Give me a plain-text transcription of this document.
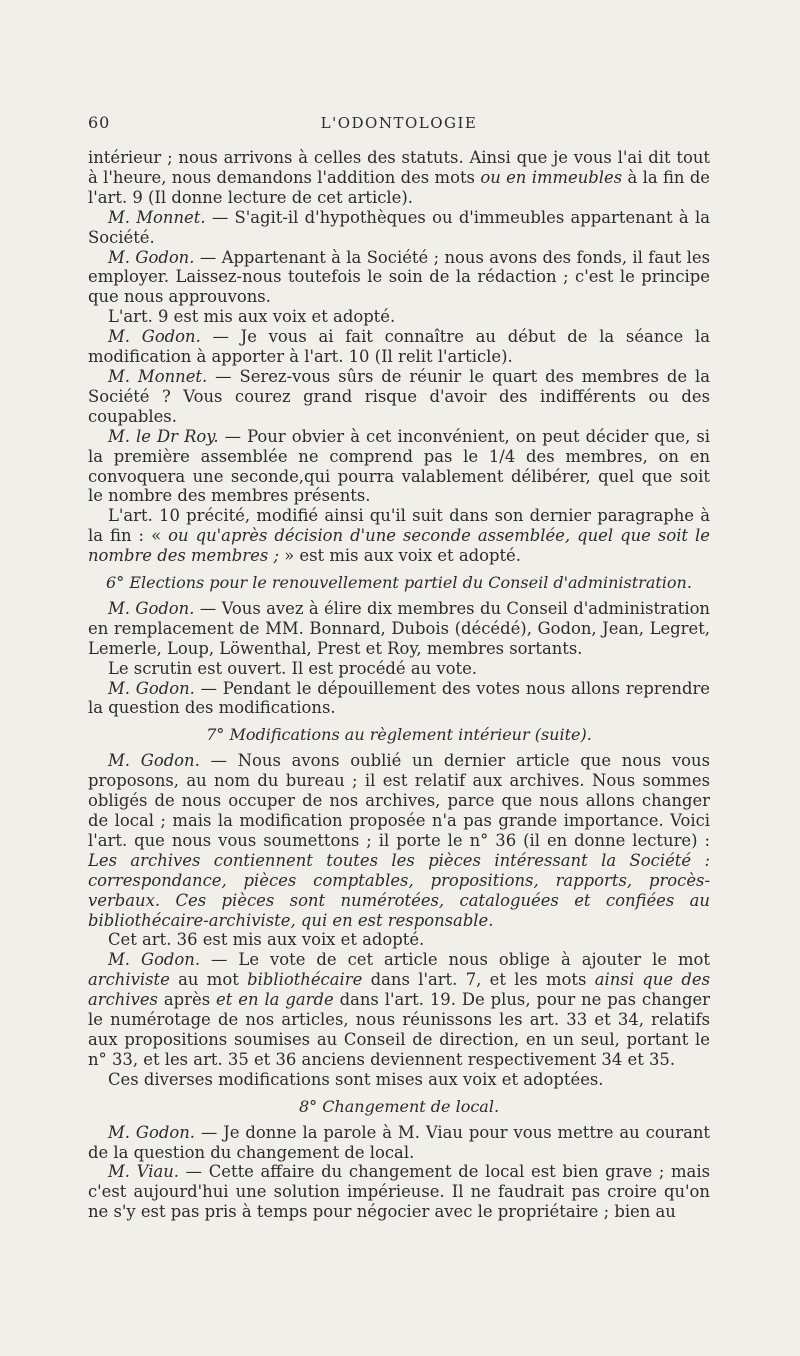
60	L'ODONTOLOGIE

intérieur ; nous arrivons à celles des statuts. Ainsi que je vous l'ai dit tout à l'heure, nous demandons l'addition des mots ou en immeubles à la fin de l'art. 9 (Il donne lecture de cet article).

M. Monnet. — S'agit-il d'hypothèques ou d'immeubles appartenant à la Société.

M. Godon. — Appartenant à la Société ; nous avons des fonds, il faut les employer. Laissez-nous toutefois le soin de la rédaction ; c'est le principe que nous approuvons.

L'art. 9 est mis aux voix et adopté.

M. Godon. — Je vous ai fait connaître au début de la séance la modification à apporter à l'art. 10 (Il relit l'article).

M. Monnet. — Serez-vous sûrs de réunir le quart des membres de la Société ? Vous courez grand risque d'avoir des indifférents ou des coupables.

M. le Dr Roy. — Pour obvier à cet inconvénient, on peut décider que, si la première assemblée ne comprend pas le 1/4 des membres, on en convoquera une seconde,qui pourra valablement délibérer, quel que soit le nombre des membres présents.

L'art. 10 précité, modifié ainsi qu'il suit dans son dernier paragraphe à la fin : « ou qu'après décision d'une seconde assemblée, quel que soit le nombre des membres ; » est mis aux voix et adopté.

6° Elections pour le renouvellement partiel du Conseil d'administration.

M. Godon. — Vous avez à élire dix membres du Conseil d'administration en remplacement de MM. Bonnard, Dubois (décédé), Godon, Jean, Legret, Lemerle, Loup, Löwenthal, Prest et Roy, membres sortants.

Le scrutin est ouvert. Il est procédé au vote.

M. Godon. — Pendant le dépouillement des votes nous allons reprendre la question des modifications.

7° Modifications au règlement intérieur (suite).

M. Godon. — Nous avons oublié un dernier article que nous vous proposons, au nom du bureau ; il est relatif aux archives. Nous sommes obligés de nous occuper de nos archives, parce que nous allons changer de local ; mais la modification proposée n'a pas grande importance. Voici l'art. que nous vous soumettons ; il porte le n° 36 (il en donne lecture) : Les archives contiennent toutes les pièces intéressant la Société : correspondance, pièces comptables, propositions, rapports, procès-verbaux. Ces pièces sont numérotées, cataloguées et confiées au bibliothécaire-archiviste, qui en est responsable.

Cet art. 36 est mis aux voix et adopté.

M. Godon. — Le vote de cet article nous oblige à ajouter le mot archiviste au mot bibliothécaire dans l'art. 7, et les mots ainsi que des archives après et en la garde dans l'art. 19. De plus, pour ne pas changer le numérotage de nos articles, nous réunissons les art. 33 et 34, relatifs aux propositions soumises au Conseil de direction, en un seul, portant le n° 33, et les art. 35 et 36 anciens deviennent respectivement 34 et 35.

Ces diverses modifications sont mises aux voix et adoptées.

8° Changement de local.

M. Godon. — Je donne la parole à M. Viau pour vous mettre au courant de la question du changement de local.

M. Viau. — Cette affaire du changement de local est bien grave ; mais c'est aujourd'hui une solution impérieuse. Il ne faudrait pas croire qu'on ne s'y est pas pris à temps pour négocier avec le propriétaire ; bien au
